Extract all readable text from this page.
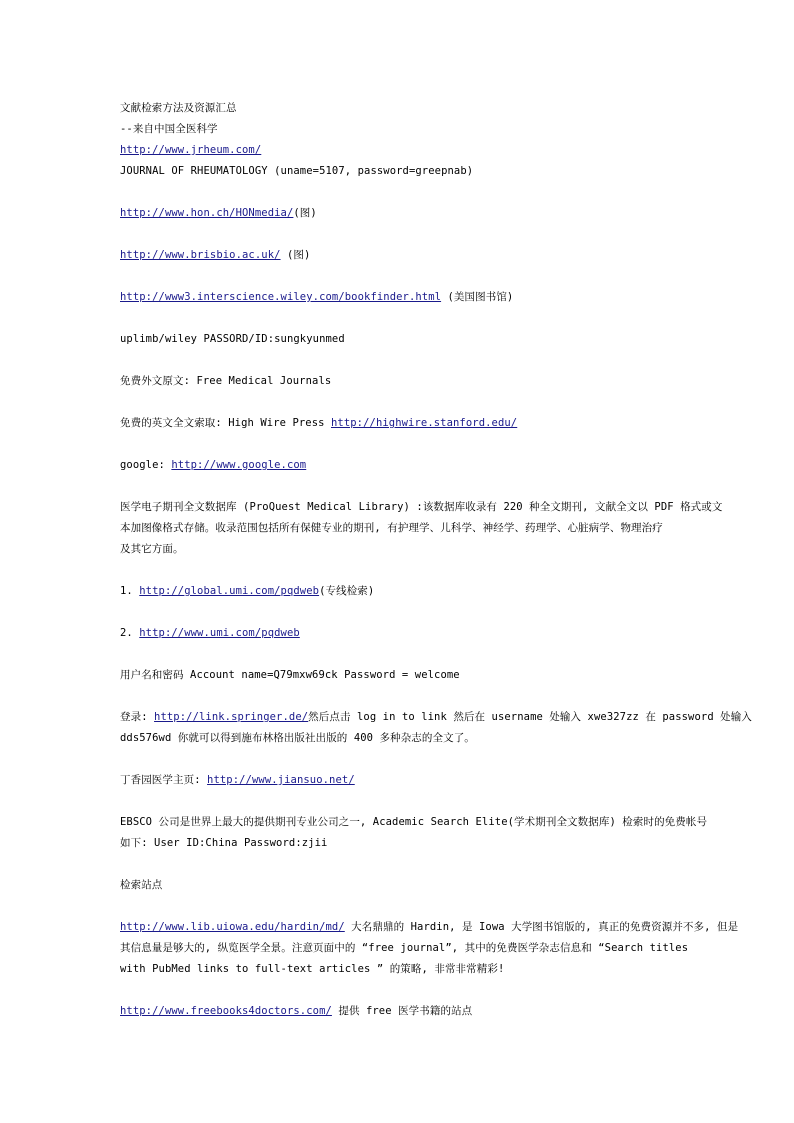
文献检索方法及资源汇总
--来自中国全医科学
http://www.jrheum.com/
JOURNAL OF RHEUMATOLOGY (uname=5107, password=greepnab)
http://www.hon.ch/HONmedia/(图)
http://www.brisbio.ac.uk/ (图)
http://www3.interscience.wiley.com/bookfinder.html (美国图书馆)
uplimb/wiley PASSORD/ID:sungkyunmed
免费外文原文: Free Medical Journals
免费的英文全文索取: High Wire Press http://highwire.stanford.edu/
google: http://www.google.com
医学电子期刊全文数据库 (ProQuest Medical Library) :该数据库收录有 220 种全文期刊, 文献全文以 PDF 格式或文
本加图像格式存储。收录范围包括所有保健专业的期刊, 有护理学、儿科学、神经学、药理学、心脏病学、物理治疗
及其它方面。
1. http://global.umi.com/pqdweb(专线检索)
2. http://www.umi.com/pqdweb
用户名和密码 Account name=Q79mxw69ck Password = welcome
登录: http://link.springer.de/然后点击 log in to link 然后在 username 处输入 xwe327zz 在 password 处输入
dds576wd 你就可以得到施布林格出版社出版的 400 多种杂志的全文了。
丁香园医学主页: http://www.jiansuo.net/
EBSCO 公司是世界上最大的提供期刊专业公司之一, Academic Search Elite(学术期刊全文数据库) 检索时的免费帐号
如下: User ID:China Password:zjii
检索站点
http://www.lib.uiowa.edu/hardin/md/ 大名鼎鼎的 Hardin, 是 Iowa 大学图书馆版的, 真正的免费资源并不多, 但是
其信息量是够大的, 纵览医学全景。注意页面中的 “free journal”, 其中的免费医学杂志信息和 “Search titles
with PubMed links to full-text articles ” 的策略, 非常非常精彩!
http://www.freebooks4doctors.com/ 提供 free 医学书籍的站点
